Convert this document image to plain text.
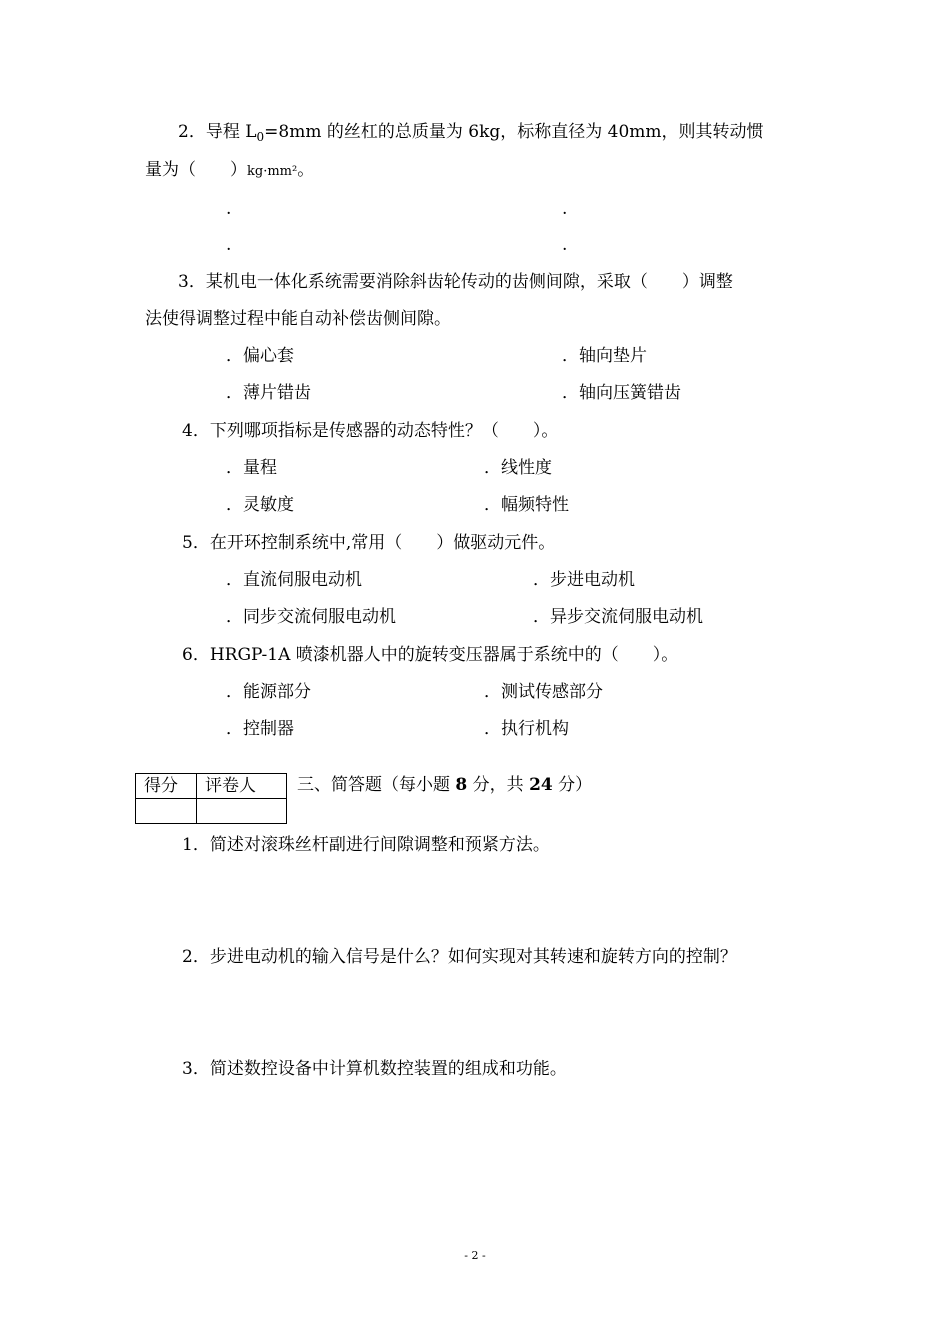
2．导程 $L_0=8mm$ 的丝杠的总质量为 6kg，标称直径为 40mm，则其转动惯
量为（　　）kg·mm²。
.	.
.	.
3．某机电一体化系统需要消除斜齿轮传动的齿侧间隙，采取（　　）调整
法使得调整过程中能自动补偿齿侧间隙。
．偏心套	．轴向垫片
．薄片错齿	．轴向压簧错齿
4．下列哪项指标是传感器的动态特性？（　　）。
．量程	．线性度
．灵敏度	．幅频特性
5．在开环控制系统中,常用（　　）做驱动元件。
．直流伺服电动机	．步进电动机
．同步交流伺服电动机	．异步交流伺服电动机
6．HRGP-1A 喷漆机器人中的旋转变压器属于系统中的（　　）。
．能源部分	．测试传感部分
．控制器	．执行机构
得分	评卷人
	三、简答题（每小题 8 分，共 24 分）
1．简述对滚珠丝杆副进行间隙调整和预紧方法。
2．步进电动机的输入信号是什么？如何实现对其转速和旋转方向的控制？
3．简述数控设备中计算机数控装置的组成和功能。
- 2 -
